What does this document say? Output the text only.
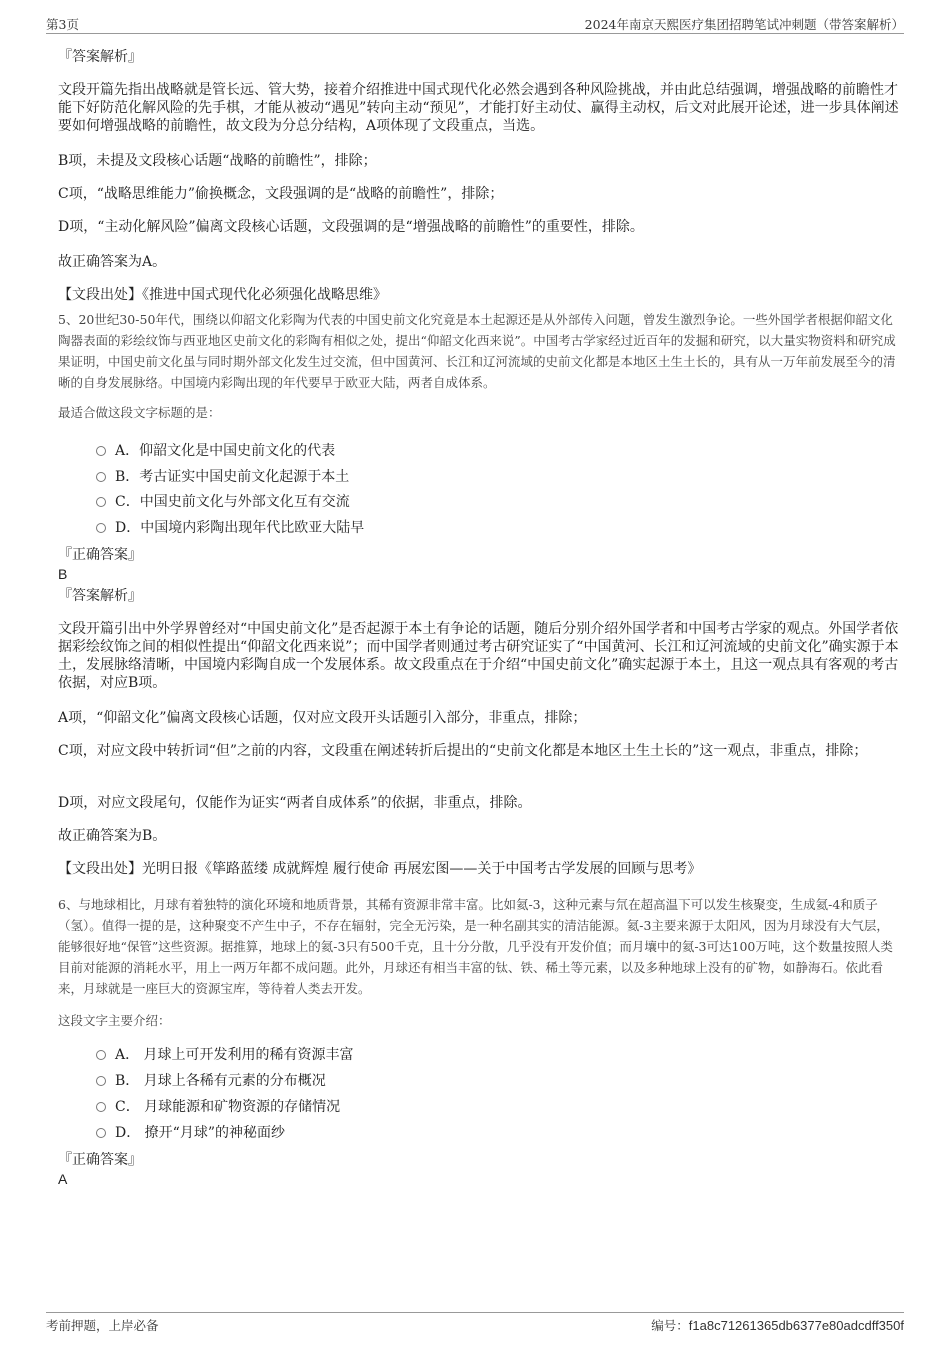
第3页	2024年南京天熙医疗集团招聘笔试冲刺题（带答案解析）
『答案解析』

文段开篇先指出战略就是管长远、管大势，接着介绍推进中国式现代化必然会遇到各种风险挑战，并由此总结强调，增强战略的前瞻性才能下好防范化解风险的先手棋，才能从被动“遇见”转向主动“预见”，才能打好主动仗、赢得主动权，后文对此展开论述，进一步具体阐述要如何增强战略的前瞻性，故文段为分总分结构，A项体现了文段重点，当选。

B项，未提及文段核心话题“战略的前瞻性”，排除；
C项，“战略思维能力”偷换概念，文段强调的是“战略的前瞻性”，排除；
D项，“主动化解风险”偏离文段核心话题，文段强调的是“增强战略的前瞻性”的重要性，排除。
故正确答案为A。
【文段出处】《推进中国式现代化必须强化战略思维》

5、20世纪30-50年代，围绕以仰韶文化彩陶为代表的中国史前文化究竟是本土起源还是从外部传入问题，曾发生激烈争论。一些外国学者根据仰韶文化陶器表面的彩绘纹饰与西亚地区史前文化的彩陶有相似之处，提出“仰韶文化西来说”。中国考古学家经过近百年的发掘和研究，以大量实物资料和研究成果证明，中国史前文化虽与同时期外部文化发生过交流，但中国黄河、长江和辽河流域的史前文化都是本地区土生土长的，具有从一万年前发展至今的清晰的自身发展脉络。中国境内彩陶出现的年代要早于欧亚大陆，两者自成体系。

最适合做这段文字标题的是：
A．仰韶文化是中国史前文化的代表
B．考古证实中国史前文化起源于本土
C．中国史前文化与外部文化互有交流
D．中国境内彩陶出现年代比欧亚大陆早
『正确答案』
B
『答案解析』

文段开篇引出中外学界曾经对“中国史前文化”是否起源于本土有争论的话题，随后分别介绍外国学者和中国考古学家的观点。外国学者依据彩绘纹饰之间的相似性提出“仰韶文化西来说”；而中国学者则通过考古研究证实了“中国黄河、长江和辽河流域的史前文化”确实源于本土，发展脉络清晰，中国境内彩陶自成一个发展体系。故文段重点在于介绍“中国史前文化”确实起源于本土，且这一观点具有客观的考古依据，对应B项。

A项，“仰韶文化”偏离文段核心话题，仅对应文段开头话题引入部分，非重点，排除；

C项，对应文段中转折词“但”之前的内容，文段重在阐述转折后提出的“史前文化都是本地区土生土长的”这一观点，非重点，排除；

D项，对应文段尾句，仅能作为证实“两者自成体系”的依据，非重点，排除。
故正确答案为B。
【文段出处】光明日报《筚路蓝缕 成就辉煌 履行使命 再展宏图——关于中国考古学发展的回顾与思考》

6、与地球相比，月球有着独特的演化环境和地质背景，其稀有资源非常丰富。比如氦-3，这种元素与氘在超高温下可以发生核聚变，生成氦-4和质子（氢）。值得一提的是，这种聚变不产生中子，不存在辐射，完全无污染，是一种名副其实的清洁能源。氦-3主要来源于太阳风，因为月球没有大气层，能够很好地“保管”这些资源。据推算，地球上的氦-3只有500千克，且十分分散，几乎没有开发价值；而月壤中的氦-3可达100万吨，这个数量按照人类目前对能源的消耗水平，用上一两万年都不成问题。此外，月球还有相当丰富的钛、铁、稀土等元素，以及多种地球上没有的矿物，如静海石。依此看来，月球就是一座巨大的资源宝库，等待着人类去开发。

这段文字主要介绍：
A． 月球上可开发利用的稀有资源丰富
B． 月球上各稀有元素的分布概况
C． 月球能源和矿物资源的存储情况
D． 撩开“月球”的神秘面纱
『正确答案』
A
考前押题，上岸必备	编号：f1a8c71261365db6377e80adcdff350f
